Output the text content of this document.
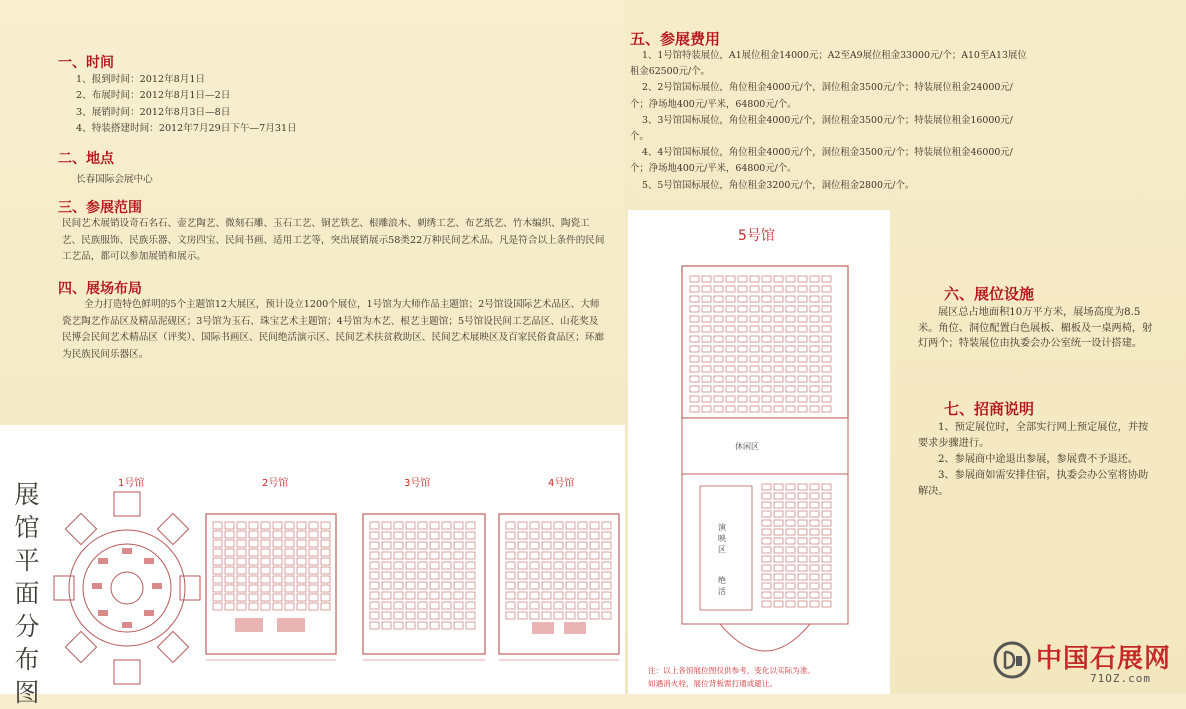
一、时间
1、报到时间：2012年8月1日
2、布展时间：2012年8月1日—2日
3、展销时间：2012年8月3日—8日
4、特装搭建时间：2012年7月29日下午—7月31日
二、地点
长春国际会展中心
三、参展范围
民间艺术展销设奇石名石、壶艺陶艺、微刻石雕、玉石工艺、铜艺铁艺、根雕浪木、刺绣工艺、布艺纸艺、竹木编织、陶瓷工艺、民族服饰、民族乐器、文房四宝、民间书画、适用工艺等，突出展销展示58类22万种民间艺术品。凡是符合以上条件的民间工艺品，都可以参加展销和展示。
四、展场布局
全力打造特色鲜明的5个主题馆12大展区，预计设立1200个展位，1号馆为大师作品主题馆；2号馆设国际艺术品区、大师瓷艺陶艺作品区及精品泥砚区；3号馆为玉石、珠宝艺术主题馆；4号馆为木艺、根艺主题馆；5号馆设民间工艺品区、山花奖及民博会民间艺术精品区（评奖）、国际书画区、民间绝活演示区、民间艺术扶贫救助区、民间艺术展映区及百家民俗食品区；环廊为民族民间乐器区。
五、参展费用

1、1号馆特装展位，A1展位租金14000元；A2至A9展位租金33000元/个；A10至A13展位租金62500元/个。

2、2号馆国标展位，角位租金4000元/个，洞位租金3500元/个；特装展位租金24000元/个；净场地400元/平米，64800元/个。

3、3号馆国标展位，角位租金4000元/个，洞位租金3500元/个；特装展位租金16000元/个。

4、4号馆国标展位，角位租金4000元/个，洞位租金3500元/个；特装展位租金46000元/个；净场地400元/平米，64800元/个。

5、5号馆国标展位，角位租金3200元/个，洞位租金2800元/个。

六、展位设施

展区总占地面积10万平方米，展场高度为8.5米。角位、洞位配置白色展板、楣板及一桌两椅，射灯两个；特装展位由执委会办公室统一设计搭建。

七、招商说明

1、预定展位时，全部实行网上预定展位，并按要求步骤进行。

2、参展商中途退出参展，参展费不予退还。

3、参展商如需安排住宿，执委会办公室将协助解决。

展
馆
平
面
分
布
图
1号馆	2号馆	3号馆	4号馆
5号馆
休闲区
演映区
绝活

注：以上各馆展位图仅供参考，变化以实际为准。

如遇消火栓，展位背板需打通或避让。

中国石展网
71OZ.com
